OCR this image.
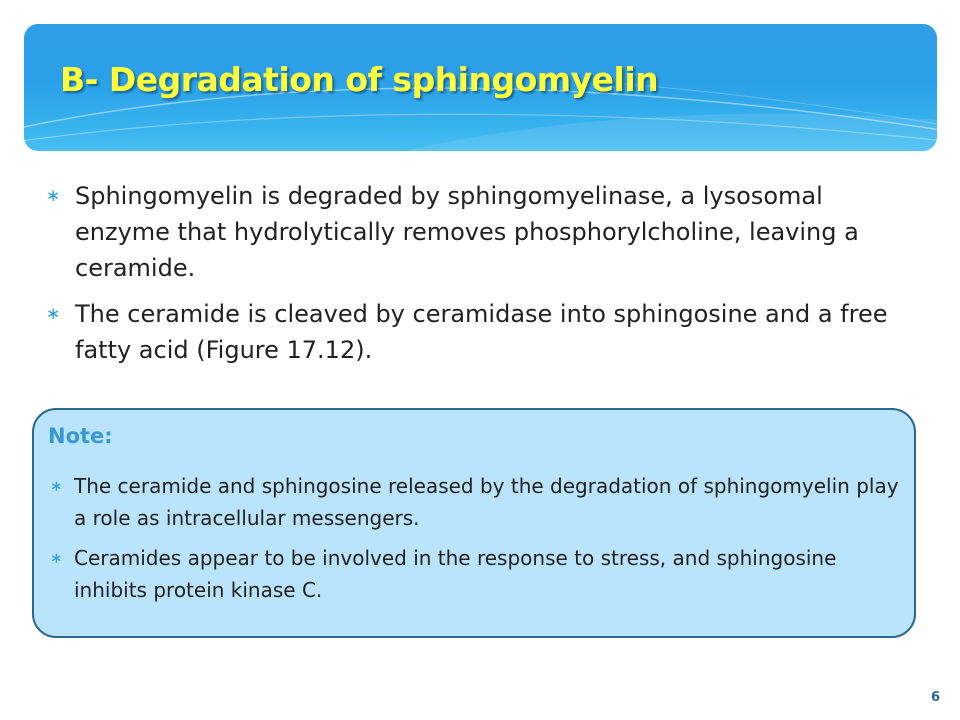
B- Degradation of sphingomyelin
∗ Sphingomyelin is degraded by sphingomyelinase, a lysosomal enzyme that hydrolytically removes phosphorylcholine, leaving a ceramide.
∗ The ceramide is cleaved by ceramidase into sphingosine and a free fatty acid (Figure 17.12).
Note:
∗ The ceramide and sphingosine released by the degradation of sphingomyelin play a role as intracellular messengers.
∗ Ceramides appear to be involved in the response to stress, and sphingosine inhibits protein kinase C.
6
